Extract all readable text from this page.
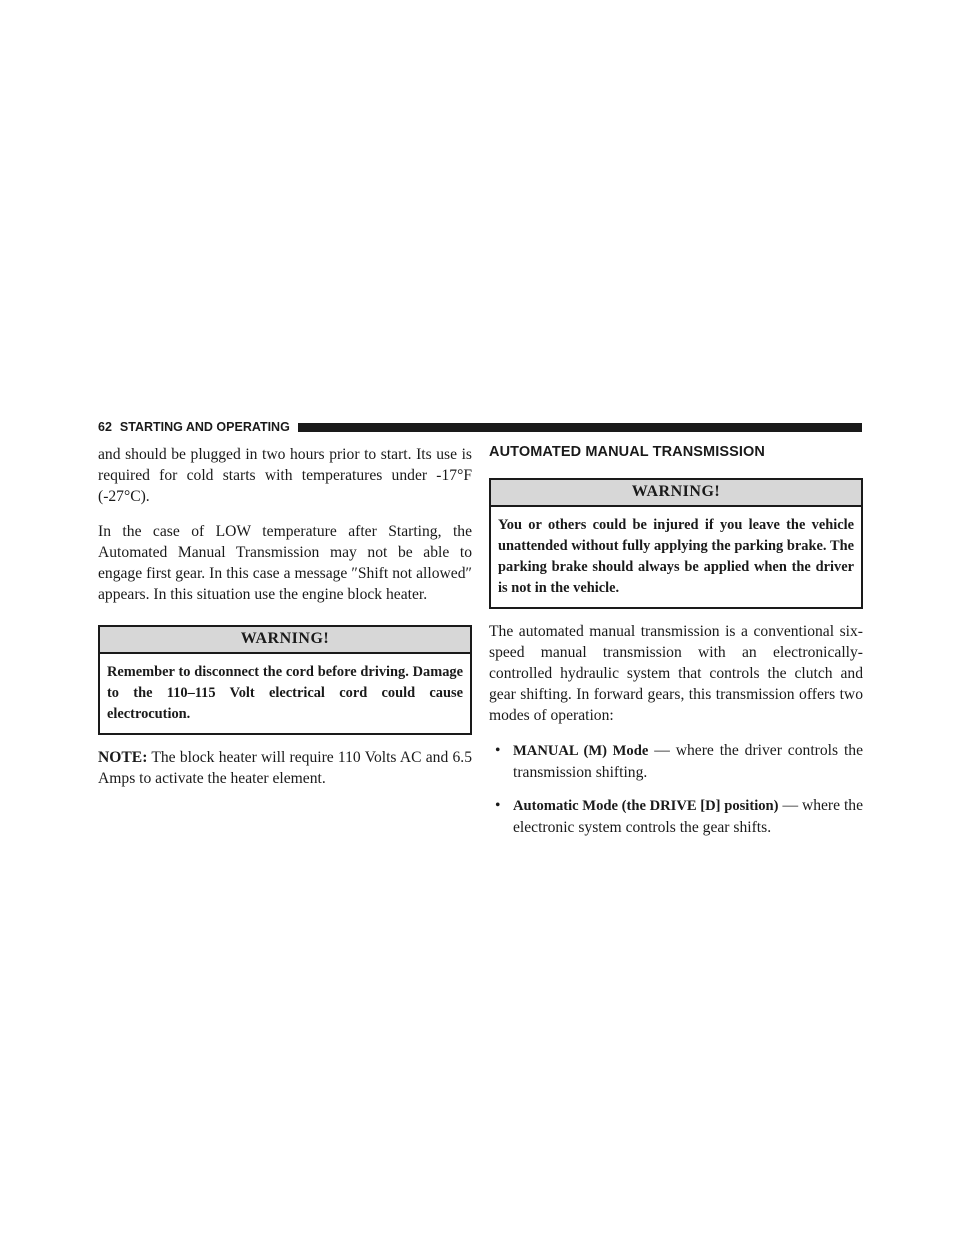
62 STARTING AND OPERATING

and should be plugged in two hours prior to start. Its use is required for cold starts with temperatures under -17°F (-27°C).

In the case of LOW temperature after Starting, the Automated Manual Transmission may not be able to engage first gear. In this case a message ″Shift not allowed″ appears. In this situation use the engine block heater.

WARNING!
Remember to disconnect the cord before driving. Damage to the 110–115 Volt electrical cord could cause electrocution.

NOTE: The block heater will require 110 Volts AC and 6.5 Amps to activate the heater element.

AUTOMATED MANUAL TRANSMISSION
WARNING!
You or others could be injured if you leave the vehicle unattended without fully applying the parking brake. The parking brake should always be applied when the driver is not in the vehicle.

The automated manual transmission is a conventional six-speed manual transmission with an electronically-controlled hydraulic system that controls the clutch and gear shifting. In forward gears, this transmission offers two modes of operation:

• MANUAL (M) Mode — where the driver controls the transmission shifting.
• Automatic Mode (the DRIVE [D] position) — where the electronic system controls the gear shifts.
